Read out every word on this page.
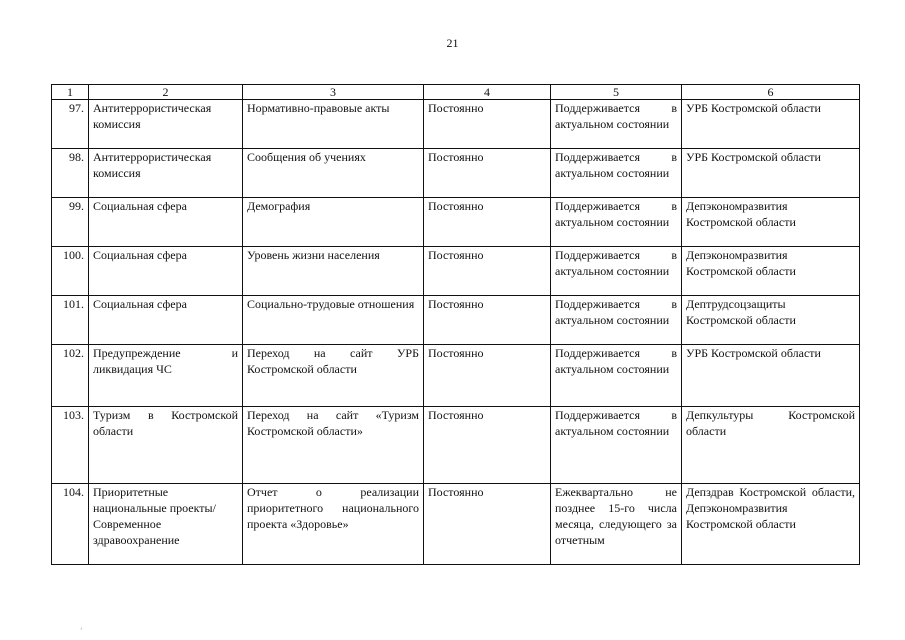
21
1	2	3	4	5	6
97.	Антитеррористическая комиссия	Нормативно-правовые акты	Постоянно	Поддерживается в актуальном состоянии	УРБ Костромской области
98.	Антитеррористическая комиссия	Сообщения об учениях	Постоянно	Поддерживается в актуальном состоянии	УРБ Костромской области
99.	Социальная сфера	Демография	Постоянно	Поддерживается в актуальном состоянии	Депэкономразвития Костромской области
100.	Социальная сфера	Уровень жизни населения	Постоянно	Поддерживается в актуальном состоянии	Депэкономразвития Костромской области
101.	Социальная сфера	Социально-трудовые отношения	Постоянно	Поддерживается в актуальном состоянии	Дептрудсоцзащиты Костромской области
102.	Предупреждение и ликвидация ЧС	Переход на сайт УРБ Костромской области	Постоянно	Поддерживается в актуальном состоянии	УРБ Костромской области
103.	Туризм в Костромской области	Переход на сайт «Туризм Костромской области»	Постоянно	Поддерживается в актуальном состоянии	Депкультуры Костромской области
104.	Приоритетные национальные проекты/Современное здравоохранение	Отчет о реализации приоритетного национального проекта «Здоровье»	Постоянно	Ежеквартально не позднее 15-го числа месяца, следующего за отчетным	Депздрав Костромской области, Депэкономразвития Костромской области
‘
